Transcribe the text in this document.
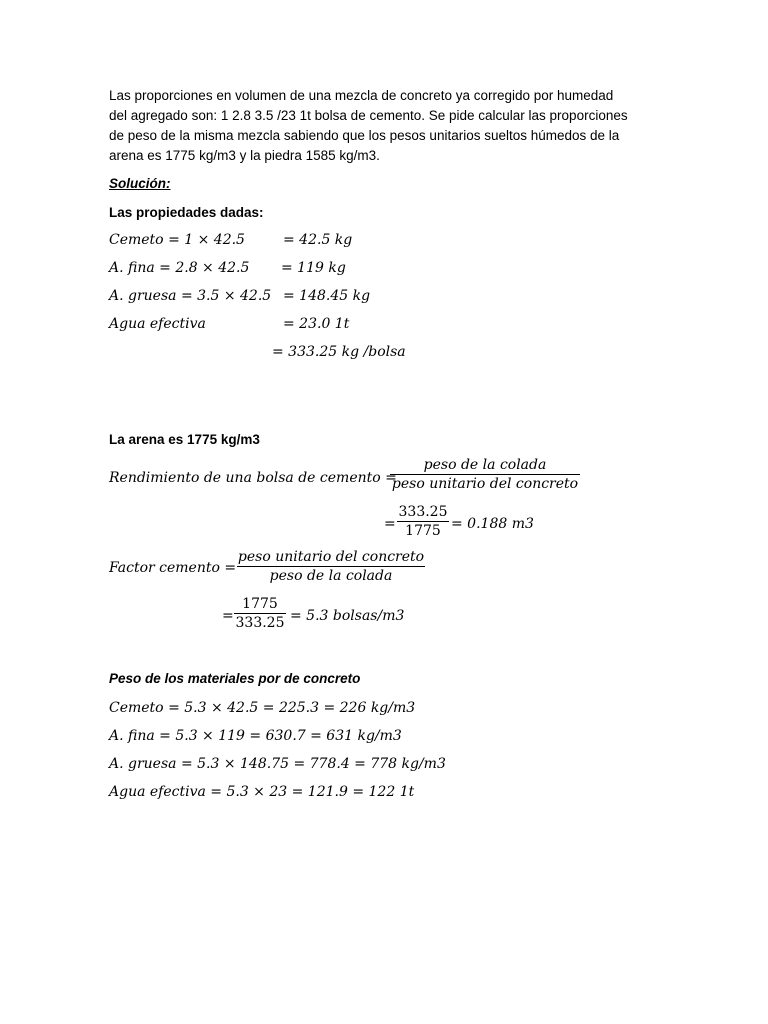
Las proporciones en volumen de una mezcla de concreto ya corregido por humedad
del agregado son: 1 2.8 3.5 /23 1t bolsa de cemento. Se pide calcular las proporciones
de peso de la misma mezcla sabiendo que los pesos unitarios sueltos húmedos de la
arena es 1775 kg/m3 y la piedra 1585 kg/m3.
Solución:
Las propiedades dadas:
Cemeto = 1 × 42.5	= 42.5 kg
A. fina = 2.8 × 42.5 = 119 kg
A. gruesa = 3.5 × 42.5 = 148.45 kg
Agua efectiva	= 23.0 1t
= 333.25 kg /bolsa
La arena es 1775 kg/m3
Rendimiento de una bolsa de cemento =
peso de la colada
peso unitario del concreto
=
333.25
1775 = 0.188 m3
Factor cemento =
peso unitario del concreto
peso de la colada
=
1775
333.25 = 5.3 bolsas/m3
Peso de los materiales por de concreto
Cemeto = 5.3 × 42.5 = 225.3 = 226 kg/m3
A. fina = 5.3 × 119 = 630.7 = 631 kg/m3
A. gruesa = 5.3 × 148.75 = 778.4 = 778 kg/m3
Agua efectiva = 5.3 × 23 = 121.9 = 122 1t
